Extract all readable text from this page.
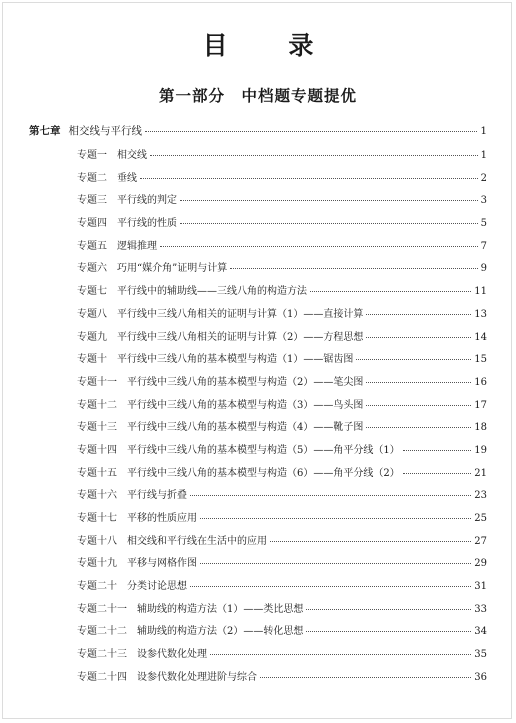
目 录
第一部分　中档题专题提优
第七章 相交线与平行线	1
专题一 相交线	1
专题二 垂线	2
专题三 平行线的判定	3
专题四 平行线的性质	5
专题五 逻辑推理	7
专题六 巧用“媒介角”证明与计算	9
专题七 平行线中的辅助线——三线八角的构造方法	11
专题八 平行线中三线八角相关的证明与计算（1）——直接计算	13
专题九 平行线中三线八角相关的证明与计算（2）——方程思想	14
专题十 平行线中三线八角的基本模型与构造（1）——锯齿图	15
专题十一 平行线中三线八角的基本模型与构造（2）——笔尖图	16
专题十二 平行线中三线八角的基本模型与构造（3）——鸟头图	17
专题十三 平行线中三线八角的基本模型与构造（4）——靴子图	18
专题十四 平行线中三线八角的基本模型与构造（5）——角平分线（1）	19
专题十五 平行线中三线八角的基本模型与构造（6）——角平分线（2）	21
专题十六 平行线与折叠	23
专题十七 平移的性质应用	25
专题十八 相交线和平行线在生活中的应用	27
专题十九 平移与网格作图	29
专题二十 分类讨论思想	31
专题二十一 辅助线的构造方法（1）——类比思想	33
专题二十二 辅助线的构造方法（2）——转化思想	34
专题二十三 设参代数化处理	35
专题二十四 设参代数化处理进阶与综合	36
